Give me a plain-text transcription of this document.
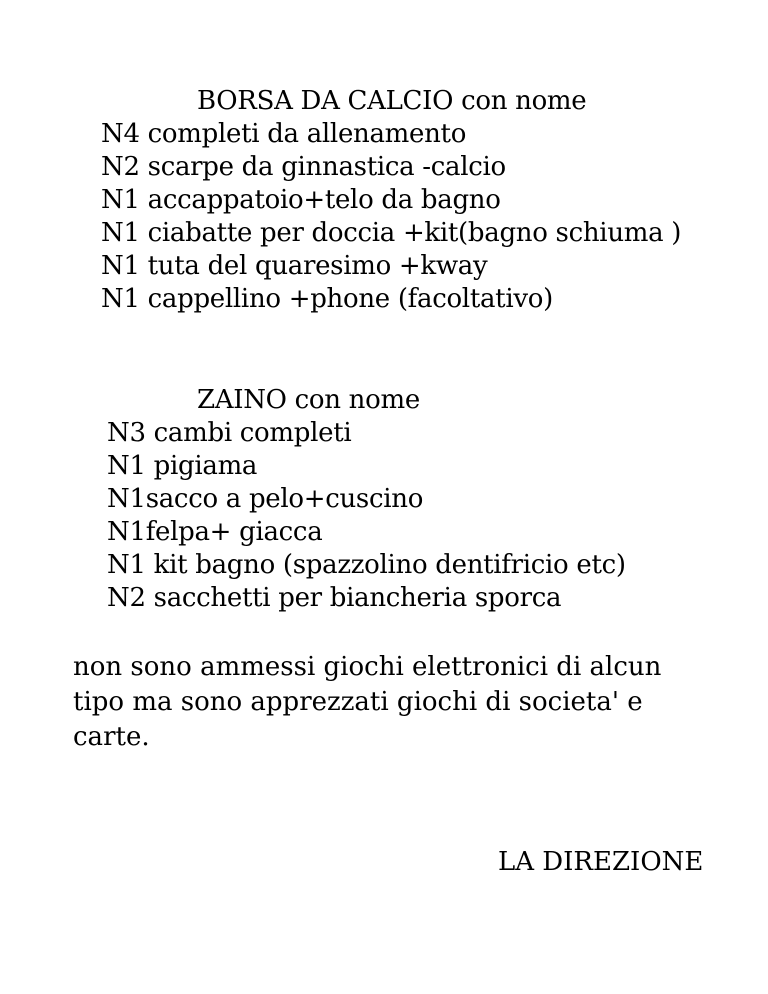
BORSA DA CALCIO con nome
N4 completi da allenamento
N2 scarpe da ginnastica -calcio
N1 accappatoio+telo da bagno
N1 ciabatte per doccia +kit(bagno schiuma )
N1 tuta del quaresimo +kway
N1 cappellino +phone (facoltativo)
ZAINO con nome
N3 cambi completi
N1 pigiama
N1sacco a pelo+cuscino
N1felpa+ giacca
N1 kit bagno (spazzolino dentifricio etc)
N2 sacchetti per biancheria sporca
non sono ammessi giochi elettronici di alcun tipo ma sono apprezzati giochi di societa' e carte.
LA DIREZIONE
